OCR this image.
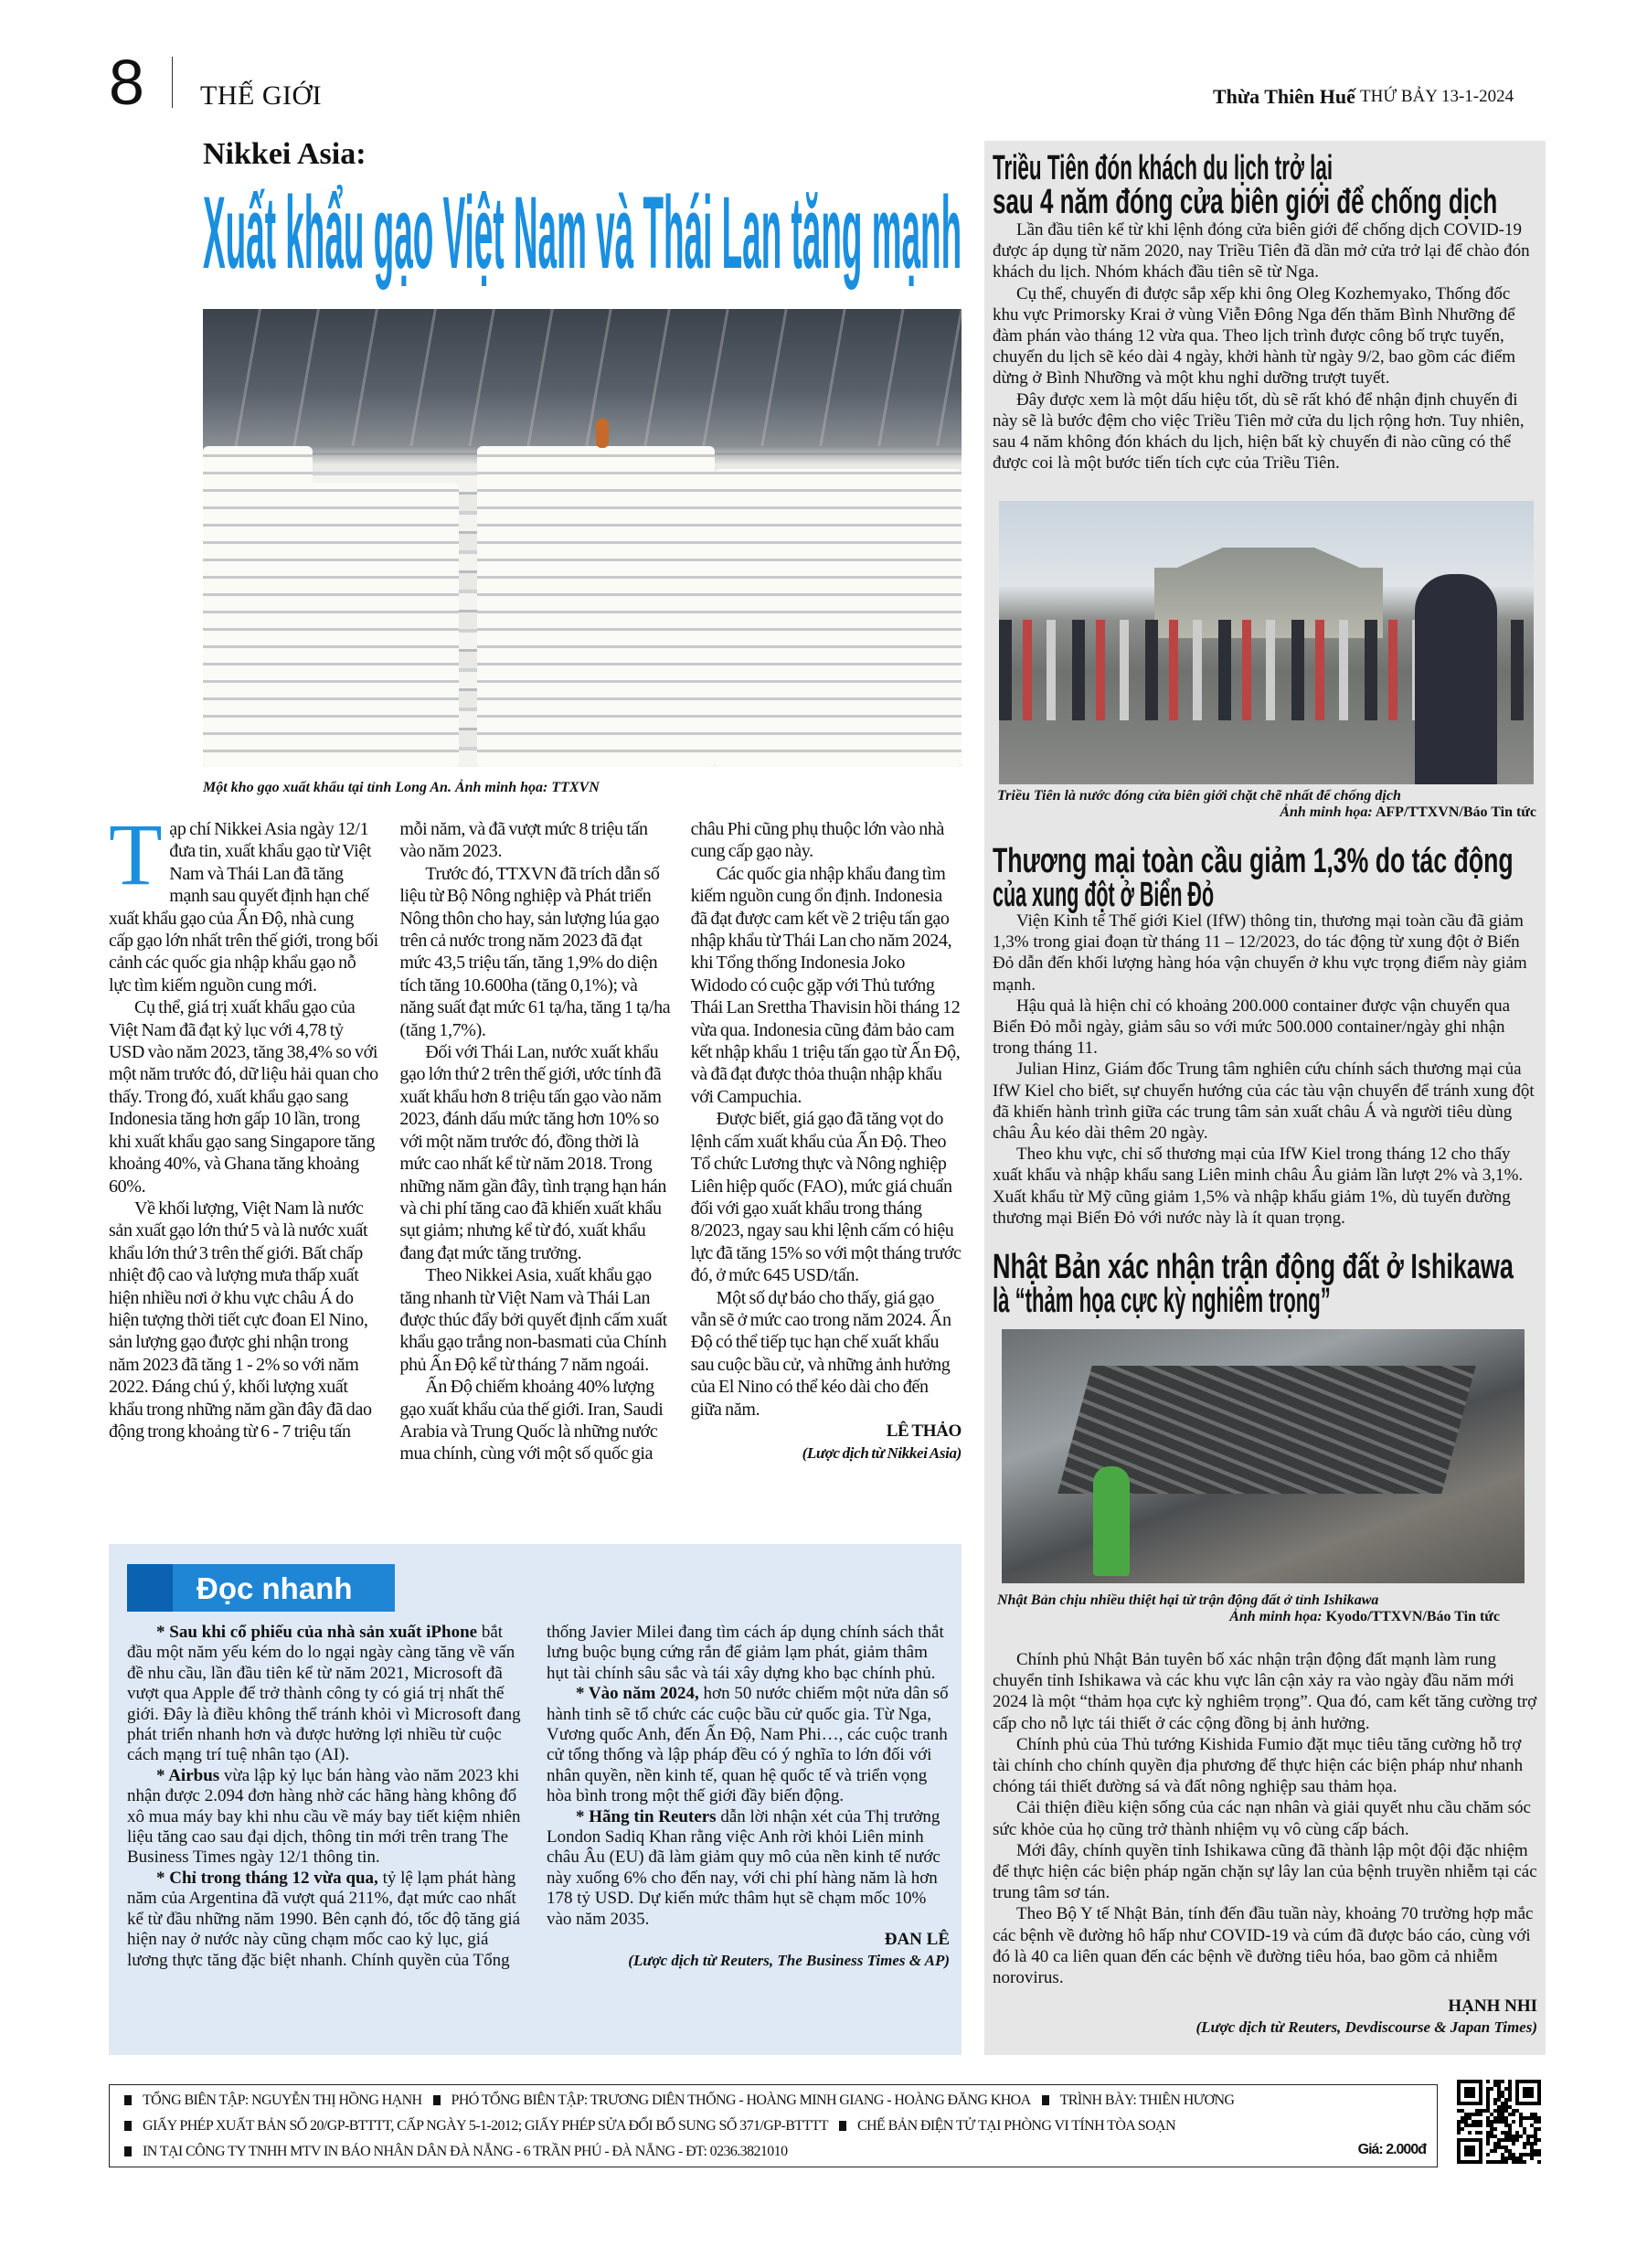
8 THẾ GIỚI	Thừa Thiên Huế THỨ BẢY 13-1-2024
Nikkei Asia:
Xuất khẩu gạo Việt Nam và Thái Lan tăng mạnh
Một kho gạo xuất khẩu tại tỉnh Long An. Ảnh minh họa: TTXVN

Tạp chí Nikkei Asia ngày 12/1 đưa tin, xuất khẩu gạo từ Việt Nam và Thái Lan đã tăng mạnh sau quyết định hạn chế xuất khẩu gạo của Ấn Độ, nhà cung cấp gạo lớn nhất trên thế giới, trong bối cảnh các quốc gia nhập khẩu gạo nỗ lực tìm kiếm nguồn cung mới.

Cụ thể, giá trị xuất khẩu gạo của Việt Nam đã đạt kỷ lục với 4,78 tỷ USD vào năm 2023, tăng 38,4% so với một năm trước đó, dữ liệu hải quan cho thấy. Trong đó, xuất khẩu gạo sang Indonesia tăng hơn gấp 10 lần, trong khi xuất khẩu gạo sang Singapore tăng khoảng 40%, và Ghana tăng khoảng 60%.

Về khối lượng, Việt Nam là nước sản xuất gạo lớn thứ 5 và là nước xuất khẩu lớn thứ 3 trên thế giới. Bất chấp nhiệt độ cao và lượng mưa thấp xuất hiện nhiều nơi ở khu vực châu Á do hiện tượng thời tiết cực đoan El Nino, sản lượng gạo được ghi nhận trong năm 2023 đã tăng 1 - 2% so với năm 2022. Đáng chú ý, khối lượng xuất khẩu trong những năm gần đây đã dao động trong khoảng từ 6 - 7 triệu tấn mỗi năm, và đã vượt mức 8 triệu tấn vào năm 2023.

Trước đó, TTXVN đã trích dẫn số liệu từ Bộ Nông nghiệp và Phát triển Nông thôn cho hay, sản lượng lúa gạo trên cả nước trong năm 2023 đã đạt mức 43,5 triệu tấn, tăng 1,9% do diện tích tăng 10.600ha (tăng 0,1%); và năng suất đạt mức 61 tạ/ha, tăng 1 tạ/ha (tăng 1,7%).

Đối với Thái Lan, nước xuất khẩu gạo lớn thứ 2 trên thế giới, ước tính đã xuất khẩu hơn 8 triệu tấn gạo vào năm 2023, đánh dấu mức tăng hơn 10% so với một năm trước đó, đồng thời là mức cao nhất kể từ năm 2018. Trong những năm gần đây, tình trạng hạn hán và chi phí tăng cao đã khiến xuất khẩu sụt giảm; nhưng kể từ đó, xuất khẩu đang đạt mức tăng trưởng.

Theo Nikkei Asia, xuất khẩu gạo tăng nhanh từ Việt Nam và Thái Lan được thúc đẩy bởi quyết định cấm xuất khẩu gạo trắng non-basmati của Chính phủ Ấn Độ kể từ tháng 7 năm ngoái.

Ấn Độ chiếm khoảng 40% lượng gạo xuất khẩu của thế giới. Iran, Saudi Arabia và Trung Quốc là những nước mua chính, cùng với một số quốc gia châu Phi cũng phụ thuộc lớn vào nhà cung cấp gạo này.

Các quốc gia nhập khẩu đang tìm kiếm nguồn cung ổn định. Indonesia đã đạt được cam kết về 2 triệu tấn gạo nhập khẩu từ Thái Lan cho năm 2024, khi Tổng thống Indonesia Joko Widodo có cuộc gặp với Thủ tướng Thái Lan Srettha Thavisin hồi tháng 12 vừa qua. Indonesia cũng đảm bảo cam kết nhập khẩu 1 triệu tấn gạo từ Ấn Độ, và đã đạt được thỏa thuận nhập khẩu với Campuchia.

Được biết, giá gạo đã tăng vọt do lệnh cấm xuất khẩu của Ấn Độ. Theo Tổ chức Lương thực và Nông nghiệp Liên hiệp quốc (FAO), mức giá chuẩn đối với gạo xuất khẩu trong tháng 8/2023, ngay sau khi lệnh cấm có hiệu lực đã tăng 15% so với một tháng trước đó, ở mức 645 USD/tấn.

Một số dự báo cho thấy, giá gạo vẫn sẽ ở mức cao trong năm 2024. Ấn Độ có thể tiếp tục hạn chế xuất khẩu sau cuộc bầu cử, và những ảnh hưởng của El Nino có thể kéo dài cho đến giữa năm.

LÊ THẢO
(Lược dịch từ Nikkei Asia)
Đọc nhanh

* Sau khi cổ phiếu của nhà sản xuất iPhone bắt đầu một năm yếu kém do lo ngại ngày càng tăng về vấn đề nhu cầu, lần đầu tiên kể từ năm 2021, Microsoft đã vượt qua Apple để trở thành công ty có giá trị nhất thế giới. Đây là điều không thể tránh khỏi vì Microsoft đang phát triển nhanh hơn và được hưởng lợi nhiều từ cuộc cách mạng trí tuệ nhân tạo (AI).

* Airbus vừa lập kỷ lục bán hàng vào năm 2023 khi nhận được 2.094 đơn hàng nhờ các hãng hàng không đổ xô mua máy bay khi nhu cầu về máy bay tiết kiệm nhiên liệu tăng cao sau đại dịch, thông tin mới trên trang The Business Times ngày 12/1 thông tin.

* Chỉ trong tháng 12 vừa qua, tỷ lệ lạm phát hàng năm của Argentina đã vượt quá 211%, đạt mức cao nhất kể từ đầu những năm 1990. Bên cạnh đó, tốc độ tăng giá hiện nay ở nước này cũng chạm mốc cao kỷ lục, giá lương thực tăng đặc biệt nhanh. Chính quyền của Tổng thống Javier Milei đang tìm cách áp dụng chính sách thắt lưng buộc bụng cứng rắn để giảm lạm phát, giảm thâm hụt tài chính sâu sắc và tái xây dựng kho bạc chính phủ.

* Vào năm 2024, hơn 50 nước chiếm một nửa dân số hành tinh sẽ tổ chức các cuộc bầu cử quốc gia. Từ Nga, Vương quốc Anh, đến Ấn Độ, Nam Phi…, các cuộc tranh cử tổng thống và lập pháp đều có ý nghĩa to lớn đối với nhân quyền, nền kinh tế, quan hệ quốc tế và triển vọng hòa bình trong một thế giới đầy biến động.

* Hãng tin Reuters dẫn lời nhận xét của Thị trưởng London Sadiq Khan rằng việc Anh rời khỏi Liên minh châu Âu (EU) đã làm giảm quy mô của nền kinh tế nước này xuống 6% cho đến nay, với chi phí hàng năm là hơn 178 tỷ USD. Dự kiến mức thâm hụt sẽ chạm mốc 10% vào năm 2035.

ĐAN LÊ
(Lược dịch từ Reuters, The Business Times & AP)
Triều Tiên đón khách du lịch trở lại
sau 4 năm đóng cửa biên giới để chống dịch

Lần đầu tiên kể từ khi lệnh đóng cửa biên giới để chống dịch COVID-19 được áp dụng từ năm 2020, nay Triều Tiên đã dần mở cửa trở lại để chào đón khách du lịch. Nhóm khách đầu tiên sẽ từ Nga.

Cụ thể, chuyến đi được sắp xếp khi ông Oleg Kozhemyako, Thống đốc khu vực Primorsky Krai ở vùng Viễn Đông Nga đến thăm Bình Nhưỡng để đàm phán vào tháng 12 vừa qua. Theo lịch trình được công bố trực tuyến, chuyến du lịch sẽ kéo dài 4 ngày, khởi hành từ ngày 9/2, bao gồm các điểm dừng ở Bình Nhưỡng và một khu nghỉ dưỡng trượt tuyết.

Đây được xem là một dấu hiệu tốt, dù sẽ rất khó để nhận định chuyến đi này sẽ là bước đệm cho việc Triều Tiên mở cửa du lịch rộng hơn. Tuy nhiên, sau 4 năm không đón khách du lịch, hiện bất kỳ chuyến đi nào cũng có thể được coi là một bước tiến tích cực của Triều Tiên.

Triều Tiên là nước đóng cửa biên giới chặt chẽ nhất để chống dịch
Ảnh minh họa: AFP/TTXVN/Báo Tin tức
Thương mại toàn cầu giảm 1,3% do tác động
của xung đột ở Biển Đỏ

Viện Kinh tế Thế giới Kiel (IfW) thông tin, thương mại toàn cầu đã giảm 1,3% trong giai đoạn từ tháng 11 – 12/2023, do tác động từ xung đột ở Biển Đỏ dẫn đến khối lượng hàng hóa vận chuyển ở khu vực trọng điểm này giảm mạnh.

Hậu quả là hiện chỉ có khoảng 200.000 container được vận chuyển qua Biển Đỏ mỗi ngày, giảm sâu so với mức 500.000 container/ngày ghi nhận trong tháng 11.

Julian Hinz, Giám đốc Trung tâm nghiên cứu chính sách thương mại của IfW Kiel cho biết, sự chuyển hướng của các tàu vận chuyển để tránh xung đột đã khiến hành trình giữa các trung tâm sản xuất châu Á và người tiêu dùng châu Âu kéo dài thêm 20 ngày.

Theo khu vực, chỉ số thương mại của IfW Kiel trong tháng 12 cho thấy xuất khẩu và nhập khẩu sang Liên minh châu Âu giảm lần lượt 2% và 3,1%. Xuất khẩu từ Mỹ cũng giảm 1,5% và nhập khẩu giảm 1%, dù tuyến đường thương mại Biển Đỏ với nước này là ít quan trọng.

Nhật Bản xác nhận trận động đất ở Ishikawa
là “thảm họa cực kỳ nghiêm trọng”
Nhật Bản chịu nhiều thiệt hại từ trận động đất ở tỉnh Ishikawa
Ảnh minh họa: Kyodo/TTXVN/Báo Tin tức

Chính phủ Nhật Bản tuyên bố xác nhận trận động đất mạnh làm rung chuyển tỉnh Ishikawa và các khu vực lân cận xảy ra vào ngày đầu năm mới 2024 là một “thảm họa cực kỳ nghiêm trọng”. Qua đó, cam kết tăng cường trợ cấp cho nỗ lực tái thiết ở các cộng đồng bị ảnh hưởng.

Chính phủ của Thủ tướng Kishida Fumio đặt mục tiêu tăng cường hỗ trợ tài chính cho chính quyền địa phương để thực hiện các biện pháp như nhanh chóng tái thiết đường sá và đất nông nghiệp sau thảm họa.

Cải thiện điều kiện sống của các nạn nhân và giải quyết nhu cầu chăm sóc sức khỏe của họ cũng trở thành nhiệm vụ vô cùng cấp bách.

Mới đây, chính quyền tỉnh Ishikawa cũng đã thành lập một đội đặc nhiệm để thực hiện các biện pháp ngăn chặn sự lây lan của bệnh truyền nhiễm tại các trung tâm sơ tán.

Theo Bộ Y tế Nhật Bản, tính đến đầu tuần này, khoảng 70 trường hợp mắc các bệnh về đường hô hấp như COVID-19 và cúm đã được báo cáo, cùng với đó là 40 ca liên quan đến các bệnh về đường tiêu hóa, bao gồm cả nhiễm norovirus.

HẠNH NHI
(Lược dịch từ Reuters, Devdiscourse & Japan Times)
TỔNG BIÊN TẬP: NGUYỄN THỊ HỒNG HẠNH PHÓ TỔNG BIÊN TẬP: TRƯƠNG DIÊN THỐNG - HOÀNG MINH GIANG - HOÀNG ĐĂNG KHOA TRÌNH BÀY: THIÊN HƯƠNG
GIẤY PHÉP XUẤT BẢN SỐ 20/GP-BTTTT, CẤP NGÀY 5-1-2012; GIẤY PHÉP SỬA ĐỔI BỔ SUNG SỐ 371/GP-BTTTT CHẾ BẢN ĐIỆN TỬ TẠI PHÒNG VI TÍNH TÒA SOẠN
IN TẠI CÔNG TY TNHH MTV IN BÁO NHÂN DÂN ĐÀ NẴNG - 6 TRẦN PHÚ - ĐÀ NẴNG - ĐT: 0236.3821010	Giá: 2.000đ
